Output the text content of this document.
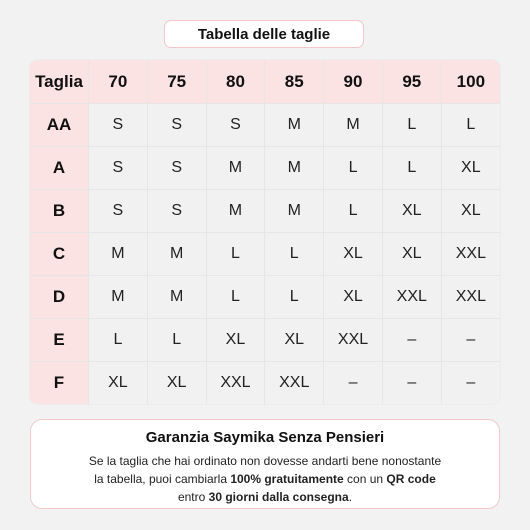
Tabella delle taglie
Taglia	70	75	80	85	90	95	100
AA	S	S	S	M	M	L	L
A	S	S	M	M	L	L	XL
B	S	S	M	M	L	XL	XL
C	M	M	L	L	XL	XL	XXL
D	M	M	L	L	XL	XXL	XXL
E	L	L	XL	XL	XXL	–	–
F	XL	XL	XXL	XXL	–	–	–
Garanzia Saymika Senza Pensieri
Se la taglia che hai ordinato non dovesse andarti bene nonostante
la tabella, puoi cambiarla 100% gratuitamente con un QR code
entro 30 giorni dalla consegna.
